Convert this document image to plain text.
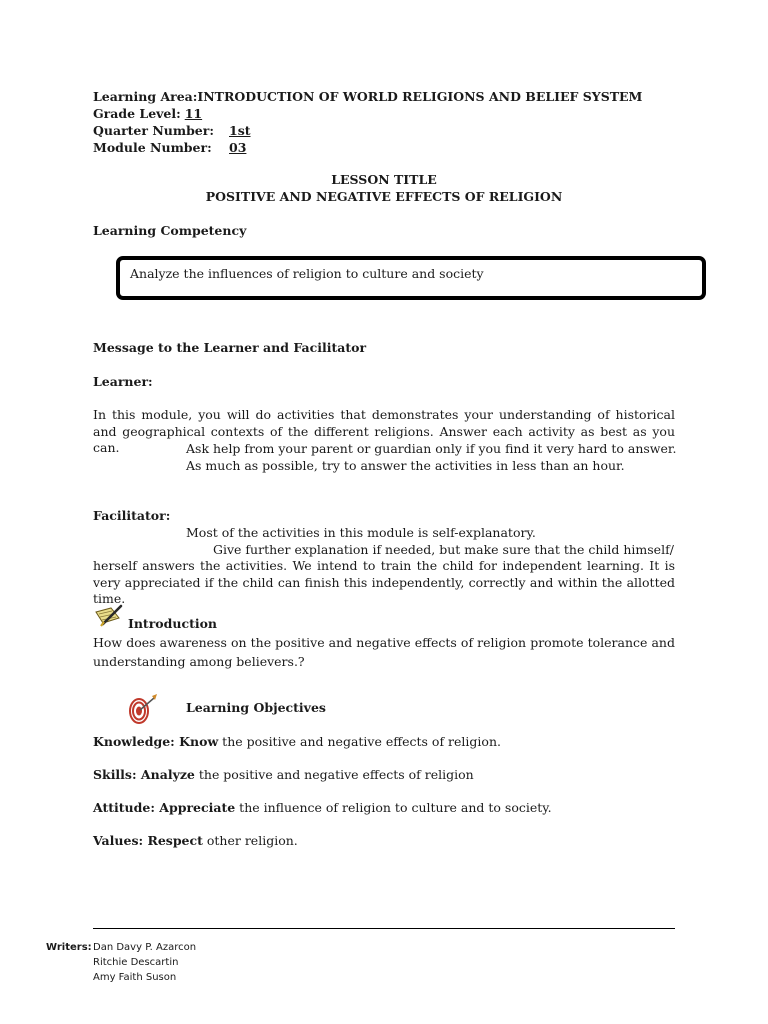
Learning Area:INTRODUCTION OF WORLD RELIGIONS AND BELIEF SYSTEM
Grade Level: 11
Quarter Number: 1st
Module Number: 03
LESSON TITLE
POSITIVE AND NEGATIVE EFFECTS OF RELIGION
Learning Competency
Analyze the influences of religion to culture and society
Message to the Learner and Facilitator
Learner:
In this module, you will do activities that demonstrates your understanding of historical and geographical contexts of the different religions. Answer each activity as best as you can.	Ask help from your parent or guardian only if you find it very hard to answer.
As much as possible, try to answer the activities in less than an hour.
Facilitator:
Most of the activities in this module is self-explanatory.
Give further explanation if needed, but make sure that the child himself/
herself answers the activities. We intend to train the child for independent learning. It is very appreciated if the child can finish this independently, correctly and within the allotted time.
Introduction
How does awareness on the positive and negative effects of religion promote tolerance and understanding among believers.?
Learning Objectives
Knowledge: Know the positive and negative effects of religion.
Skills: Analyze the positive and negative effects of religion
Attitude: Appreciate the influence of religion to culture and to society.
Values: Respect other religion.
Writers: Dan Davy P. Azarcon
Ritchie Descartin
Amy Faith Suson
